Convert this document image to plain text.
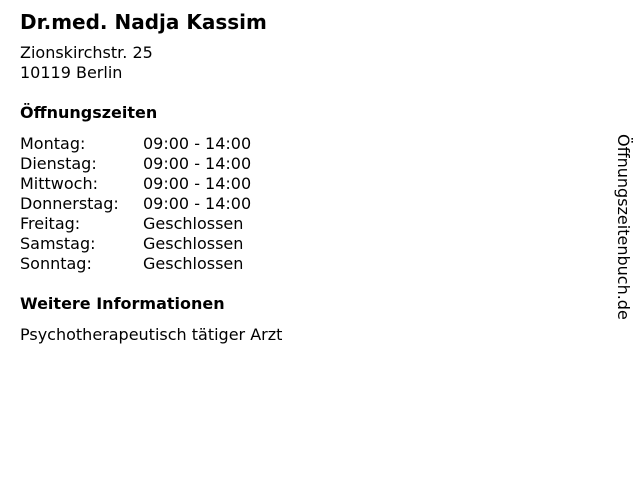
Dr.med. Nadja Kassim
Zionskirchstr. 25
10119 Berlin
Öffnungszeiten
Montag:	09:00 - 14:00
Dienstag:	09:00 - 14:00
Mittwoch:	09:00 - 14:00
Donnerstag:	09:00 - 14:00
Freitag:	Geschlossen
Samstag:	Geschlossen
Sonntag:	Geschlossen
Weitere Informationen
Psychotherapeutisch tätiger Arzt
Öffnungszeitenbuch.de
